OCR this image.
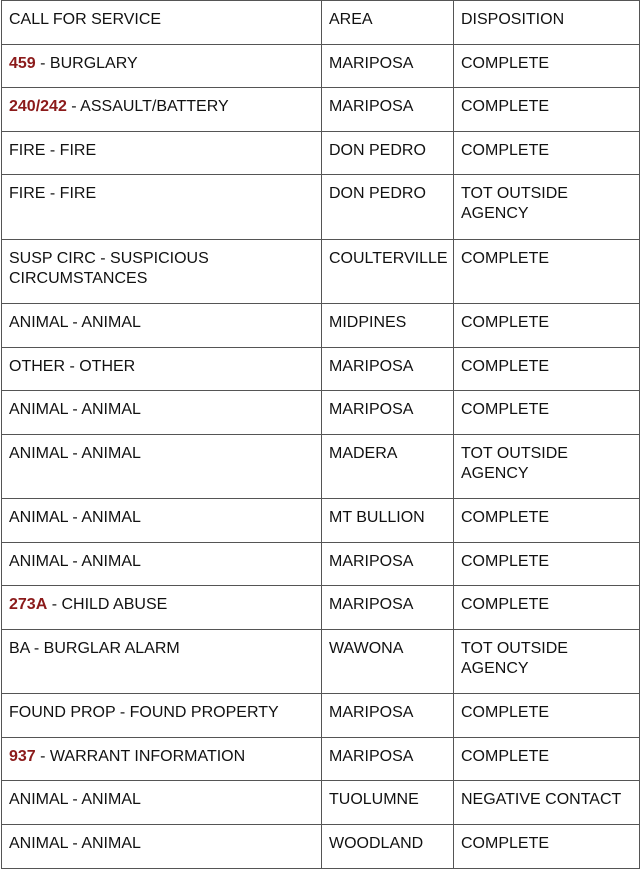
CALL FOR SERVICE	AREA	DISPOSITION
459 - BURGLARY	MARIPOSA	COMPLETE
240/242 - ASSAULT/BATTERY	MARIPOSA	COMPLETE
FIRE - FIRE	DON PEDRO	COMPLETE
FIRE - FIRE	DON PEDRO	TOT OUTSIDE AGENCY
SUSP CIRC - SUSPICIOUS CIRCUMSTANCES	COULTERVILLE	COMPLETE
ANIMAL - ANIMAL	MIDPINES	COMPLETE
OTHER - OTHER	MARIPOSA	COMPLETE
ANIMAL - ANIMAL	MARIPOSA	COMPLETE
ANIMAL - ANIMAL	MADERA	TOT OUTSIDE AGENCY
ANIMAL - ANIMAL	MT BULLION	COMPLETE
ANIMAL - ANIMAL	MARIPOSA	COMPLETE
273A - CHILD ABUSE	MARIPOSA	COMPLETE
BA - BURGLAR ALARM	WAWONA	TOT OUTSIDE AGENCY
FOUND PROP - FOUND PROPERTY	MARIPOSA	COMPLETE
937 - WARRANT INFORMATION	MARIPOSA	COMPLETE
ANIMAL - ANIMAL	TUOLUMNE	NEGATIVE CONTACT
ANIMAL - ANIMAL	WOODLAND	COMPLETE
